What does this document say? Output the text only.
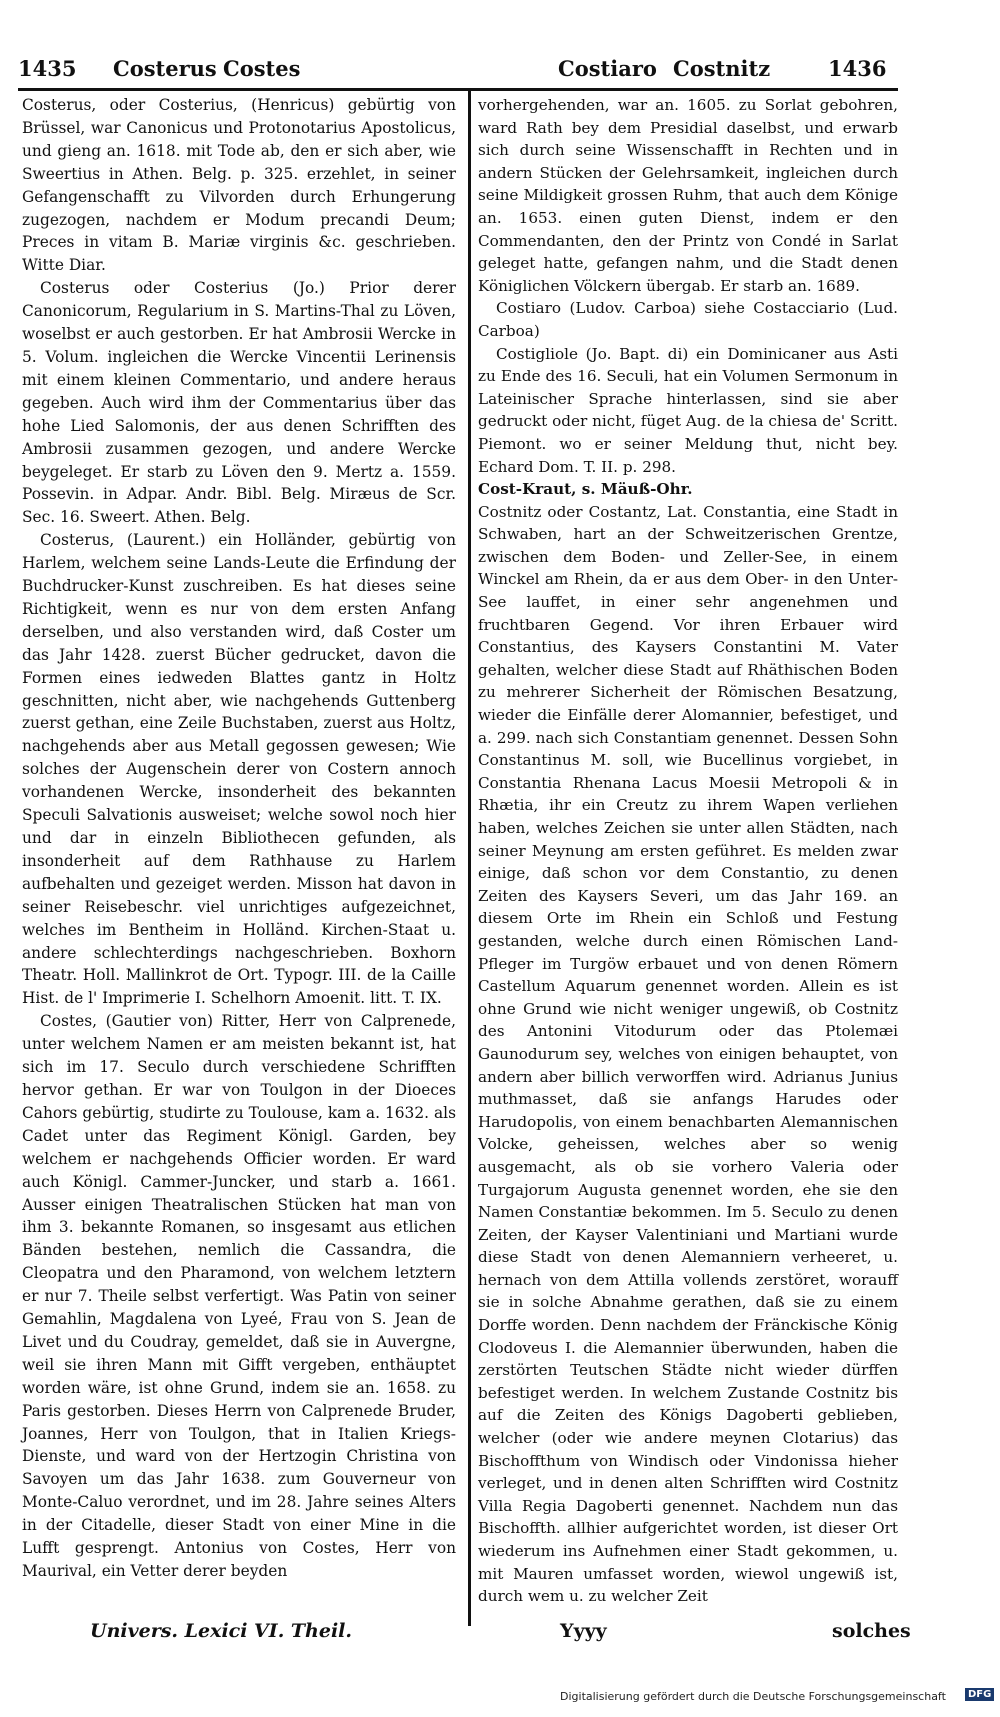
1435 Costerus Costes	Costiaro Costnitz	1436

Costerus, oder Costerius, (Henricus) gebürtig von Brüssel, war Canonicus und Protonotarius Apostolicus, und gieng an. 1618. mit Tode ab, den er sich aber, wie Sweertius in Athen. Belg. p. 325. erzehlet, in seiner Gefangenschafft zu Vilvorden durch Erhungerung zugezogen, nachdem er Modum precandi Deum; Preces in vitam B. Mariæ virginis &c. geschrieben. Witte Diar.

Costerus oder Costerius (Jo.) Prior derer Canonicorum, Regularium in S. Martins-Thal zu Löven, woselbst er auch gestorben. Er hat Ambrosii Wercke in 5. Volum. ingleichen die Wercke Vincentii Lerinensis mit einem kleinen Commentario, und andere heraus gegeben. Auch wird ihm der Commentarius über das hohe Lied Salomonis, der aus denen Schrifften des Ambrosii zusammen gezogen, und andere Wercke beygeleget. Er starb zu Löven den 9. Mertz a. 1559. Possevin. in Adpar. Andr. Bibl. Belg. Miræus de Scr. Sec. 16. Sweert. Athen. Belg.

Costerus, (Laurent.) ein Holländer, gebürtig von Harlem, welchem seine Lands-Leute die Erfindung der Buchdrucker-Kunst zuschreiben. Es hat dieses seine Richtigkeit, wenn es nur von dem ersten Anfang derselben, und also verstanden wird, daß Coster um das Jahr 1428. zuerst Bücher gedrucket, davon die Formen eines iedweden Blattes gantz in Holtz geschnitten, nicht aber, wie nachgehends Guttenberg zuerst gethan, eine Zeile Buchstaben, zuerst aus Holtz, nachgehends aber aus Metall gegossen gewesen; Wie solches der Augenschein derer von Costern annoch vorhandenen Wercke, insonderheit des bekannten Speculi Salvationis ausweiset; welche sowol noch hier und dar in einzeln Bibliothecen gefunden, als insonderheit auf dem Rathhause zu Harlem aufbehalten und gezeiget werden. Misson hat davon in seiner Reisebeschr. viel unrichtiges aufgezeichnet, welches im Bentheim in Holländ. Kirchen-Staat u. andere schlechterdings nachgeschrieben. Boxhorn Theatr. Holl. Mallinkrot de Ort. Typogr. III. de la Caille Hist. de l' Imprimerie I. Schelhorn Amoenit. litt. T. IX.

Costes, (Gautier von) Ritter, Herr von Calprenede, unter welchem Namen er am meisten bekannt ist, hat sich im 17. Seculo durch verschiedene Schrifften hervor gethan. Er war von Toulgon in der Dioeces Cahors gebürtig, studirte zu Toulouse, kam a. 1632. als Cadet unter das Regiment Königl. Garden, bey welchem er nachgehends Officier worden. Er ward auch Königl. Cammer-Juncker, und starb a. 1661. Ausser einigen Theatralischen Stücken hat man von ihm 3. bekannte Romanen, so insgesamt aus etlichen Bänden bestehen, nemlich die Cassandra, die Cleopatra und den Pharamond, von welchem letztern er nur 7. Theile selbst verfertigt. Was Patin von seiner Gemahlin, Magdalena von Lyeé, Frau von S. Jean de Livet und du Coudray, gemeldet, daß sie in Auvergne, weil sie ihren Mann mit Gifft vergeben, enthäuptet worden wäre, ist ohne Grund, indem sie an. 1658. zu Paris gestorben. Dieses Herrn von Calprenede Bruder, Joannes, Herr von Toulgon, that in Italien Kriegs-Dienste, und ward von der Hertzogin Christina von Savoyen um das Jahr 1638. zum Gouverneur von Monte-Caluo verordnet, und im 28. Jahre seines Alters in der Citadelle, dieser Stadt von einer Mine in die Lufft gesprengt. Antonius von Costes, Herr von Maurival, ein Vetter derer beyden

vorhergehenden, war an. 1605. zu Sorlat gebohren, ward Rath bey dem Presidial daselbst, und erwarb sich durch seine Wissenschafft in Rechten und in andern Stücken der Gelehrsamkeit, ingleichen durch seine Mildigkeit grossen Ruhm, that auch dem Könige an. 1653. einen guten Dienst, indem er den Commendanten, den der Printz von Condé in Sarlat geleget hatte, gefangen nahm, und die Stadt denen Königlichen Völckern übergab. Er starb an. 1689.

Costiaro (Ludov. Carboa) siehe Costacciario (Lud. Carboa)

Costigliole (Jo. Bapt. di) ein Dominicaner aus Asti zu Ende des 16. Seculi, hat ein Volumen Sermonum in Lateinischer Sprache hinterlassen, sind sie aber gedruckt oder nicht, füget Aug. de la chiesa de' Scritt. Piemont. wo er seiner Meldung thut, nicht bey. Echard Dom. T. II. p. 298.

Cost-Kraut, s. Mäuß-Ohr.

Costnitz oder Costantz, Lat. Constantia, eine Stadt in Schwaben, hart an der Schweitzerischen Grentze, zwischen dem Boden- und Zeller-See, in einem Winckel am Rhein, da er aus dem Ober- in den Unter-See lauffet, in einer sehr angenehmen und fruchtbaren Gegend. Vor ihren Erbauer wird Constantius, des Kaysers Constantini M. Vater gehalten, welcher diese Stadt auf Rhäthischen Boden zu mehrerer Sicherheit der Römischen Besatzung, wieder die Einfälle derer Alomannier, befestiget, und a. 299. nach sich Constantiam genennet. Dessen Sohn Constantinus M. soll, wie Bucellinus vorgiebet, in Constantia Rhenana Lacus Moesii Metropoli & in Rhætia, ihr ein Creutz zu ihrem Wapen verliehen haben, welches Zeichen sie unter allen Städten, nach seiner Meynung am ersten geführet. Es melden zwar einige, daß schon vor dem Constantio, zu denen Zeiten des Kaysers Severi, um das Jahr 169. an diesem Orte im Rhein ein Schloß und Festung gestanden, welche durch einen Römischen Land-Pfleger im Turgöw erbauet und von denen Römern Castellum Aquarum genennet worden. Allein es ist ohne Grund wie nicht weniger ungewiß, ob Costnitz des Antonini Vitodurum oder das Ptolemæi Gaunodurum sey, welches von einigen behauptet, von andern aber billich verworffen wird. Adrianus Junius muthmasset, daß sie anfangs Harudes oder Harudopolis, von einem benachbarten Alemannischen Volcke, geheissen, welches aber so wenig ausgemacht, als ob sie vorhero Valeria oder Turgajorum Augusta genennet worden, ehe sie den Namen Constantiæ bekommen. Im 5. Seculo zu denen Zeiten, der Kayser Valentiniani und Martiani wurde diese Stadt von denen Alemanniern verheeret, u. hernach von dem Attilla vollends zerstöret, worauff sie in solche Abnahme gerathen, daß sie zu einem Dorffe worden. Denn nachdem der Fränckische König Clodoveus I. die Alemannier überwunden, haben die zerstörten Teutschen Städte nicht wieder dürffen befestiget werden. In welchem Zustande Costnitz bis auf die Zeiten des Königs Dagoberti geblieben, welcher (oder wie andere meynen Clotarius) das Bischoffthum von Windisch oder Vindonissa hieher verleget, und in denen alten Schrifften wird Costnitz Villa Regia Dagoberti genennet. Nachdem nun das Bischoffth. allhier aufgerichtet worden, ist dieser Ort wiederum ins Aufnehmen einer Stadt gekommen, u. mit Mauren umfasset worden, wiewol ungewiß ist, durch wem u. zu welcher Zeit

Univers. Lexici VI. Theil.	Yyyy	solches
Digitalisierung gefördert durch die Deutsche Forschungsgemeinschaft	DFG
